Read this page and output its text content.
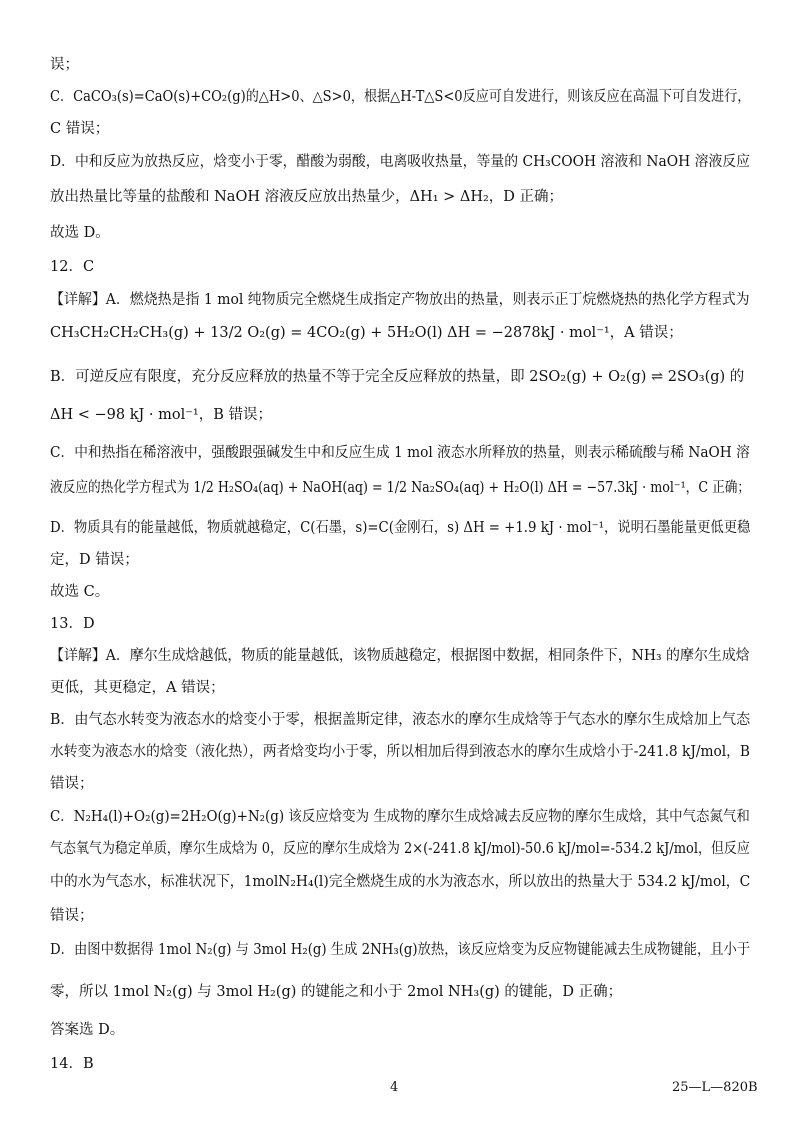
误；
C．CaCO₃(s)=CaO(s)+CO₂(g)的△H>0、△S>0，根据△H-T△S<0反应可自发进行，则该反应在高温下可自发进行，
C 错误；
D．中和反应为放热反应，焓变小于零，醋酸为弱酸，电离吸收热量，等量的 CH₃COOH 溶液和 NaOH 溶液反应
放出热量比等量的盐酸和 NaOH 溶液反应放出热量少，ΔH₁ > ΔH₂，D 正确；
故选 D。
12．C
【详解】A．燃烧热是指 1 mol 纯物质完全燃烧生成指定产物放出的热量，则表示正丁烷燃烧热的热化学方程式为
CH₃CH₂CH₂CH₃(g) + 13/2 O₂(g) = 4CO₂(g) + 5H₂O(l) ΔH = −2878kJ · mol⁻¹，A 错误；
B．可逆反应有限度，充分反应释放的热量不等于完全反应释放的热量，即 2SO₂(g) + O₂(g) ⇌ 2SO₃(g) 的
ΔH < −98 kJ · mol⁻¹，B 错误；
C．中和热指在稀溶液中，强酸跟强碱发生中和反应生成 1 mol 液态水所释放的热量，则表示稀硫酸与稀 NaOH 溶
液反应的热化学方程式为 1/2 H₂SO₄(aq) + NaOH(aq) = 1/2 Na₂SO₄(aq) + H₂O(l) ΔH = −57.3kJ · mol⁻¹，C 正确；
D．物质具有的能量越低，物质就越稳定，C(石墨，s)=C(金刚石，s) ΔH = +1.9 kJ · mol⁻¹，说明石墨能量更低更稳
定，D 错误；
故选 C。
13．D
【详解】A．摩尔生成焓越低，物质的能量越低，该物质越稳定，根据图中数据，相同条件下，NH₃ 的摩尔生成焓
更低，其更稳定，A 错误；
B．由气态水转变为液态水的焓变小于零，根据盖斯定律，液态水的摩尔生成焓等于气态水的摩尔生成焓加上气态
水转变为液态水的焓变（液化热），两者焓变均小于零，所以相加后得到液态水的摩尔生成焓小于-241.8 kJ/mol，B
错误；
C．N₂H₄(l)+O₂(g)=2H₂O(g)+N₂(g) 该反应焓变为 生成物的摩尔生成焓减去反应物的摩尔生成焓，其中气态氮气和
气态氧气为稳定单质，摩尔生成焓为 0，反应的摩尔生成焓为 2×(-241.8 kJ/mol)-50.6 kJ/mol=-534.2 kJ/mol，但反应
中的水为气态水，标准状况下，1molN₂H₄(l)完全燃烧生成的水为液态水，所以放出的热量大于 534.2 kJ/mol，C
错误；
D．由图中数据得 1mol N₂(g) 与 3mol H₂(g) 生成 2NH₃(g)放热，该反应焓变为反应物键能减去生成物键能，且小于
零，所以 1mol N₂(g) 与 3mol H₂(g) 的键能之和小于 2mol NH₃(g) 的键能，D 正确；
答案选 D。
14．B
4	25—L—820B
